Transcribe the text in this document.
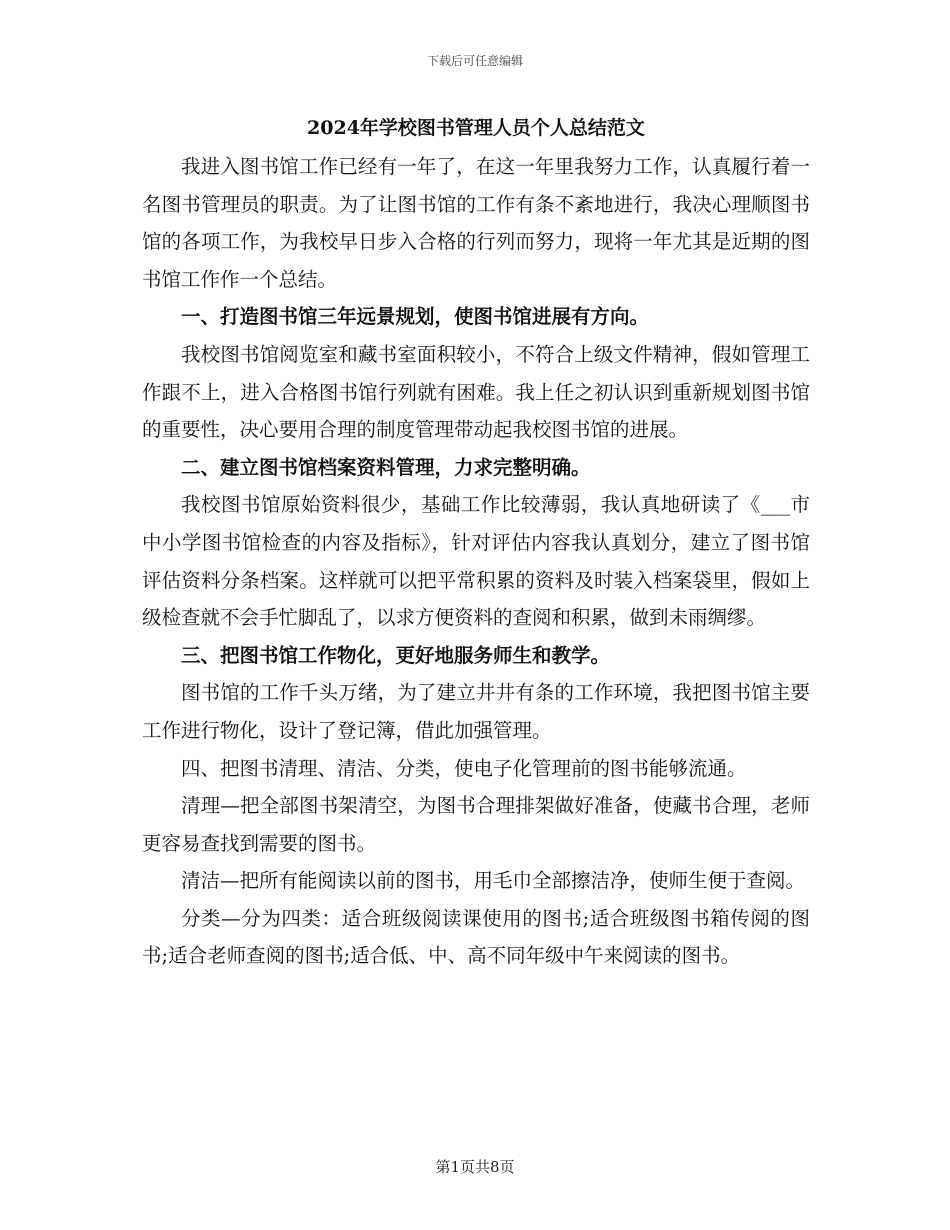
下载后可任意编辑
2024年学校图书管理人员个人总结范文

我进入图书馆工作已经有一年了，在这一年里我努力工作，认真履行着一名图书管理员的职责。为了让图书馆的工作有条不紊地进行，我决心理顺图书馆的各项工作，为我校早日步入合格的行列而努力，现将一年尤其是近期的图书馆工作作一个总结。

一、打造图书馆三年远景规划，使图书馆进展有方向。

我校图书馆阅览室和藏书室面积较小，不符合上级文件精神，假如管理工作跟不上，进入合格图书馆行列就有困难。我上任之初认识到重新规划图书馆的重要性，决心要用合理的制度管理带动起我校图书馆的进展。

二、建立图书馆档案资料管理，力求完整明确。

我校图书馆原始资料很少，基础工作比较薄弱，我认真地研读了《___市中小学图书馆检查的内容及指标》，针对评估内容我认真划分，建立了图书馆评估资料分条档案。这样就可以把平常积累的资料及时装入档案袋里，假如上级检查就不会手忙脚乱了，以求方便资料的查阅和积累，做到未雨绸缪。

三、把图书馆工作物化，更好地服务师生和教学。

图书馆的工作千头万绪，为了建立井井有条的工作环境，我把图书馆主要工作进行物化，设计了登记簿，借此加强管理。

四、把图书清理、清洁、分类，使电子化管理前的图书能够流通。

清理—把全部图书架清空，为图书合理排架做好准备，使藏书合理，老师更容易查找到需要的图书。

清洁—把所有能阅读以前的图书，用毛巾全部擦洁净，使师生便于查阅。

分类—分为四类：适合班级阅读课使用的图书;适合班级图书箱传阅的图书;适合老师查阅的图书;适合低、中、高不同年级中午来阅读的图书。

第1页共8页
